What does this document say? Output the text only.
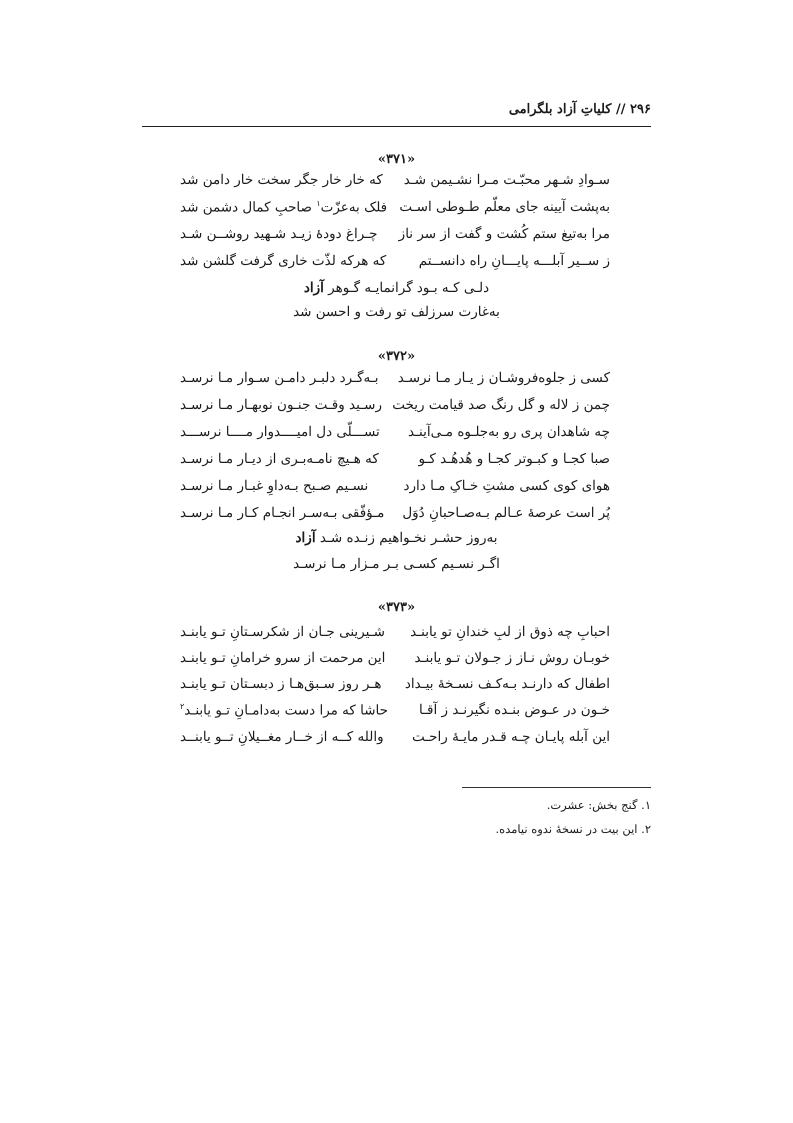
۲۹۶ // کلیاتِ آزاد بلگرامی
«۳۷۱»
سـوادِ شـهر محبّـت مـرا نشـیمن شـد
که خار خار جگر سخت خار دامن شد
به‌پشت آیینه جای معلّم طـوطی اسـت
فلک به‌عزّت$^۱$ صاحبِ کمال دشمن شد
مرا به‌تیغ ستم کُشت و گفت از سر ناز
چـراغ دودۀ زیـد شـهید روشــن شـد
ز ســیر آبلـــه پایـــانِ راه دانســتم
که هرکه لذّت خاری گرفت گلشن شد
دلـی کـه بـود گرانمایـه گـوهر آزاد
به‌غارت سرزلف تو رفت و احسن شد
«۳۷۲»
کسی ز جلوه‌فروشـان ز یـار مـا نرسـد
بـه‌گـرد دلبـر دامـن سـوار مـا نرسـد
چمن ز لاله و گل رنگ صد قیامت ریخت
رسـید وقـت جنـون نوبهـار مـا نرسـد
چه شاهدان پری رو به‌جلـوه مـی‌آینـد
تســـلّی دل امیــــدوار مــــا نرســـد
صبا کجـا و کبـوتر کجـا و هُدهُـد کـو
که هـیچ نامـه‌بـری از دیـار مـا نرسـد
هوای کوی کسی مشتِ خـاکِ مـا دارد
نسـیم صـبح بـه‌داوِ غبـار مـا نرسـد
پُر است عرصۀ عـالم بـه‌صـاحبانِ دُوَل
مـؤفّقی بـه‌سـر انجـام کـار مـا نرسـد
به‌روز حشـر نخـواهیم زنـده شـد آزاد
اگـر نسـیم کسـی بـر مـزار مـا نرسـد
«۳۷۳»
احبابِ چه ذوق از لبِ خندانِ تو یابنـد
شـیرینی جـان از شکرسـتانِ تـو یابنـد
خوبـان روش نـاز ز جـولان تـو یابنـد
این مرحمت از سرو خرامانِ تـو یابنـد
اطفال که دارنـد بـه‌کـف نسـخۀ بیـداد
هـر روز سـبق‌هـا ز دبسـتان تـو یابنـد
خـون در عـوض بنـده نگیرنـد ز آقـا
حاشا که مرا دست به‌دامـانِ تـو یابنـد$^۲$
این آبله پایـان چـه قـدر مایـۀ راحـت
والله کــه از خــار مغــیلانِ تــو یابنــد
۱. گنج بخش: عشرت.
۲. این بیت در نسخۀ ندوه نیامده.
